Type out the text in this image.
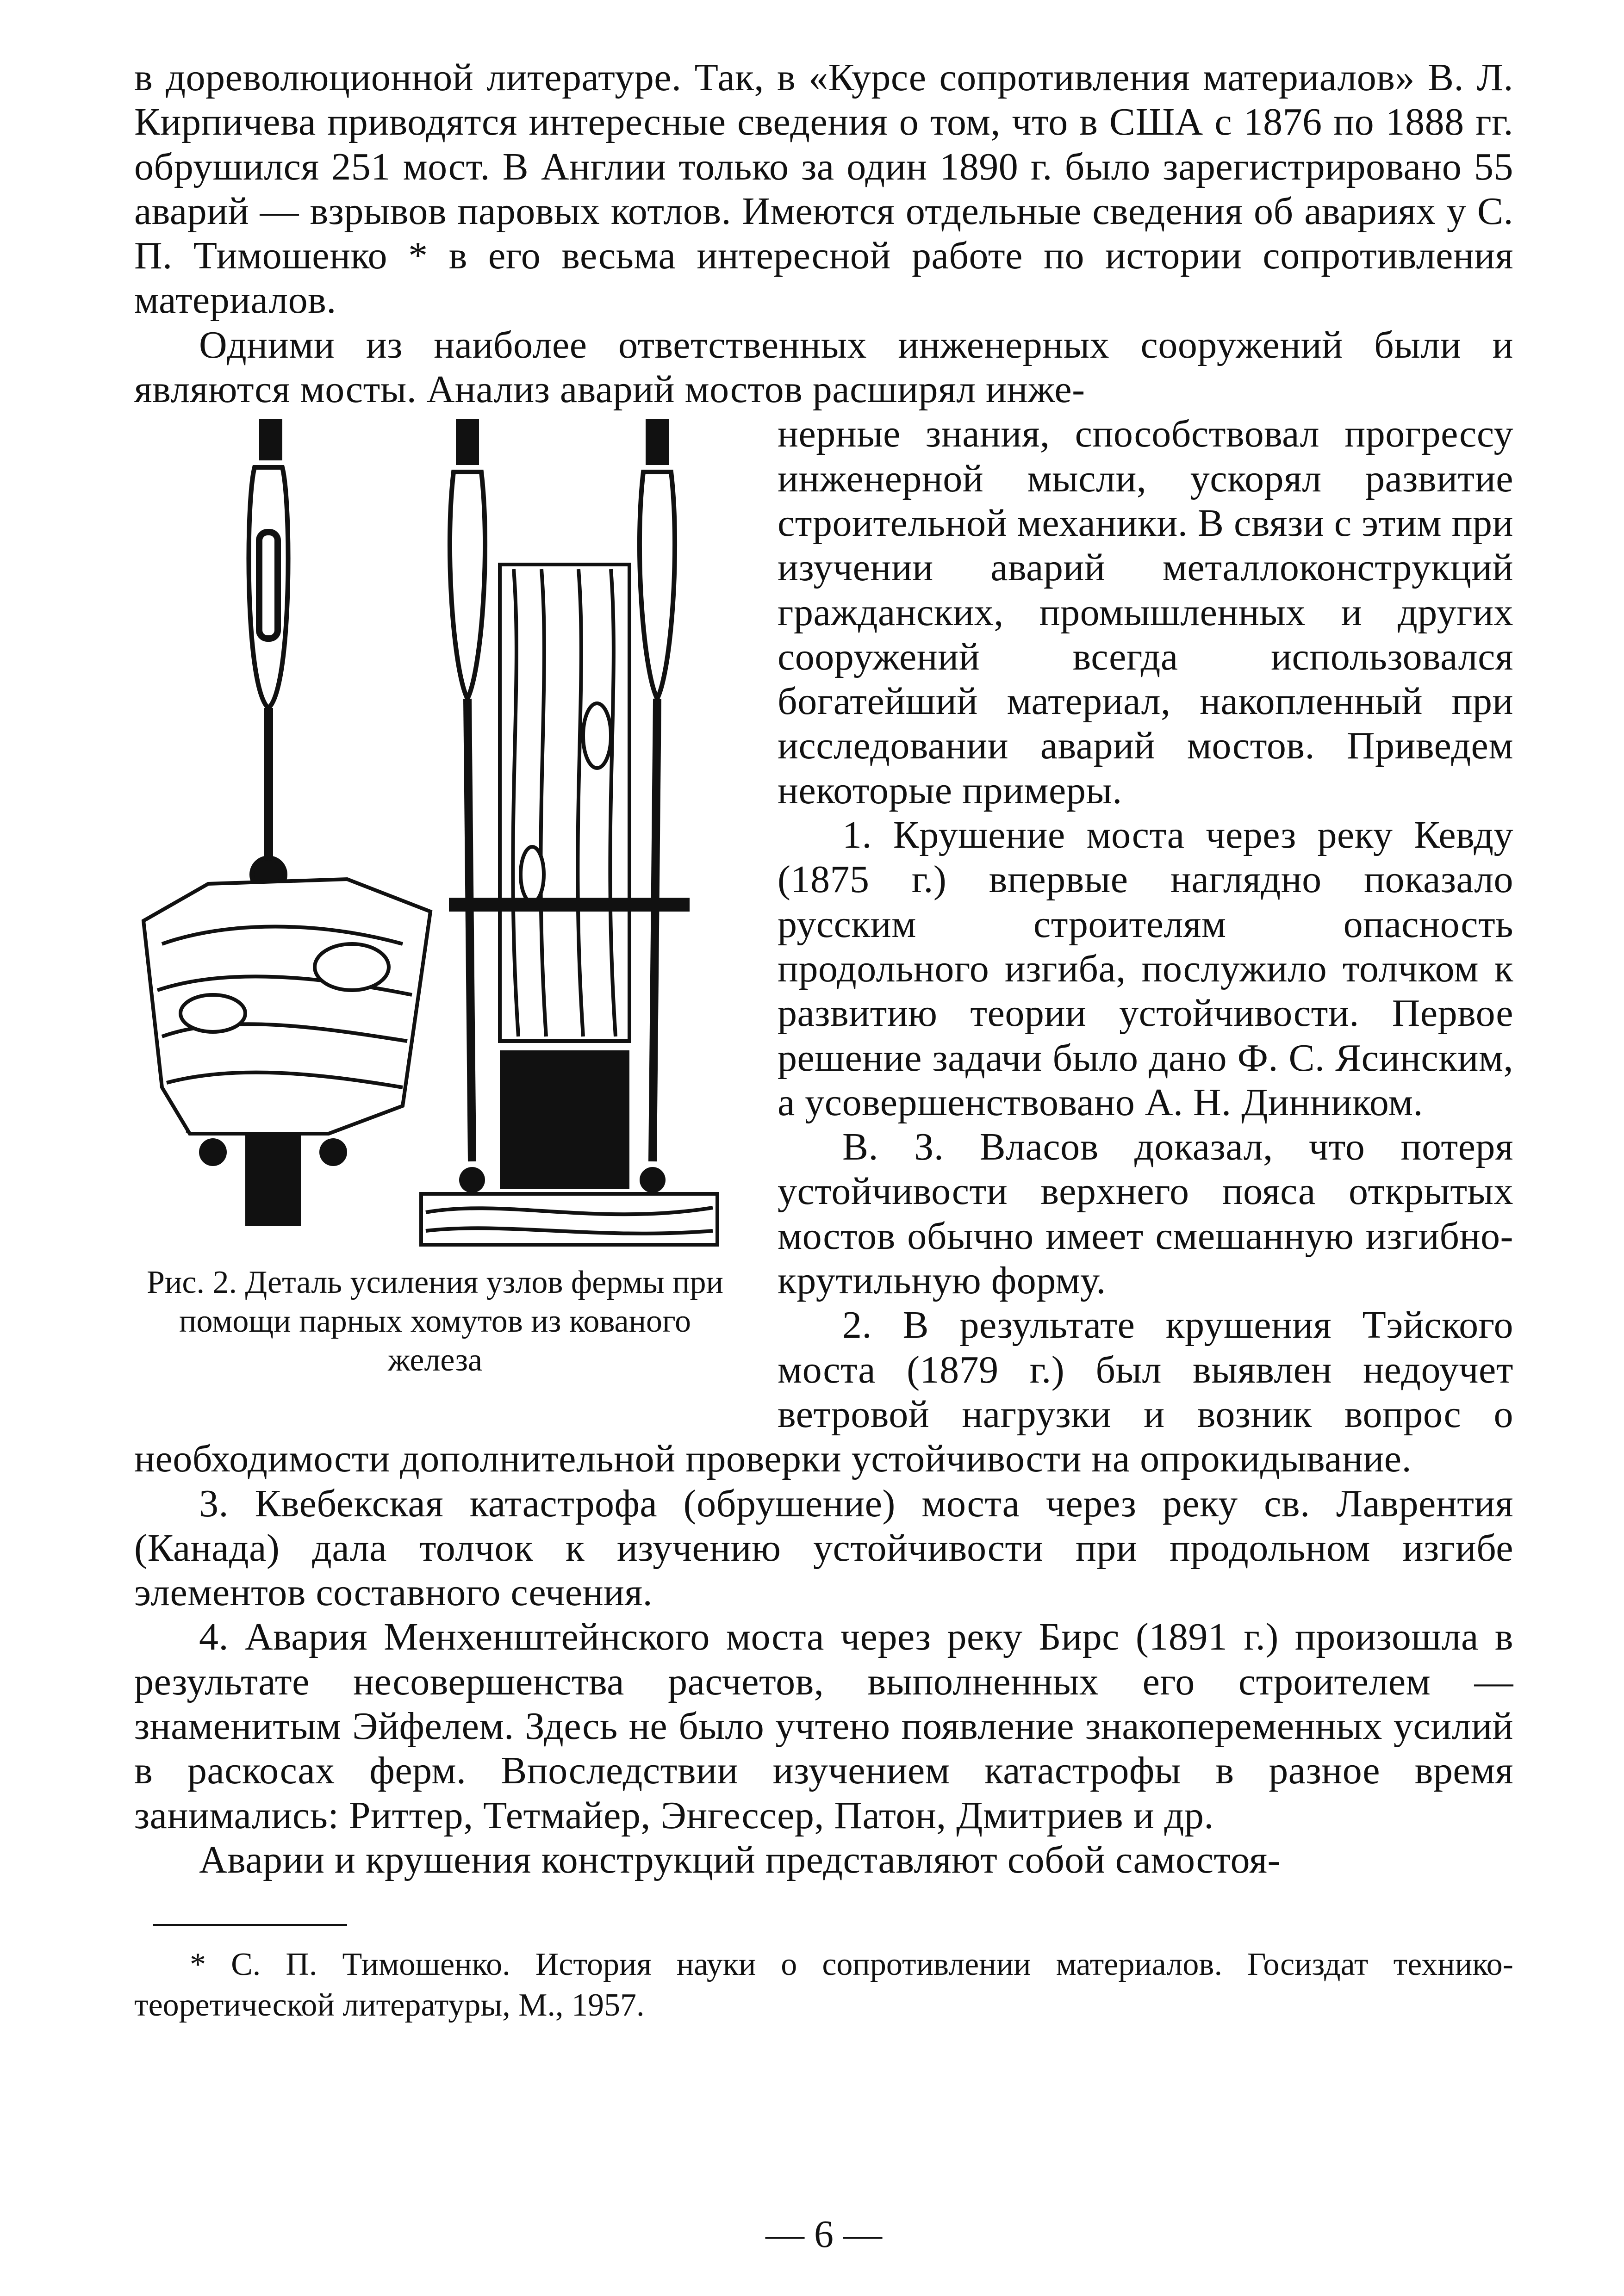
в дореволюционной литературе. Так, в «Курсе сопротивления материалов» В. Л. Кирпичева приводятся интересные сведения о том, что в США с 1876 по 1888 гг. обрушился 251 мост. В Англии только за один 1890 г. было зарегистрировано 55 аварий — взрывов паровых котлов. Имеются отдельные сведения об авариях у С. П. Тимошенко * в его весьма интересной работе по истории сопротивления материалов.

Одними из наиболее ответственных инженерных сооружений были и являются мосты. Анализ аварий мостов расширял инже-

Рис. 2. Деталь усиления узлов фермы при помощи парных хомутов из кованого железа

нерные знания, способствовал прогрессу инженерной мысли, ускорял развитие строительной механики. В связи с этим при изучении аварий металлоконструкций гражданских, промышленных и других сооружений всегда использовался богатейший материал, накопленный при исследовании аварий мостов. Приведем некоторые примеры.

1. Крушение моста через реку Кевду (1875 г.) впервые наглядно показало русским строителям опасность продольного изгиба, послужило толчком к развитию теории устойчивости. Первое решение задачи было дано Ф. С. Ясинским, а усовершенствовано А. Н. Динником.

В. З. Власов доказал, что потеря устойчивости верхнего пояса открытых мостов обычно имеет смешанную изгибно-крутильную форму.

2. В результате крушения Тэйского моста (1879 г.) был выявлен недоучет ветровой нагрузки и возник вопрос о необходимости дополнительной проверки устойчивости на опрокидывание.

3. Квебекская катастрофа (обрушение) моста через реку св. Лаврентия (Канада) дала толчок к изучению устойчивости при продольном изгибе элементов составного сечения.

4. Авария Менхенштейнского моста через реку Бирс (1891 г.) произошла в результате несовершенства расчетов, выполненных его строителем — знаменитым Эйфелем. Здесь не было учтено появление знакопеременных усилий в раскосах ферм. Впоследствии изучением катастрофы в разное время занимались: Риттер, Тетмайер, Энгессер, Патон, Дмитриев и др.

Аварии и крушения конструкций представляют собой самостоя-

* С. П. Тимошенко. История науки о сопротивлении материалов. Госиздат технико-теоретической литературы, М., 1957.

— 6 —
